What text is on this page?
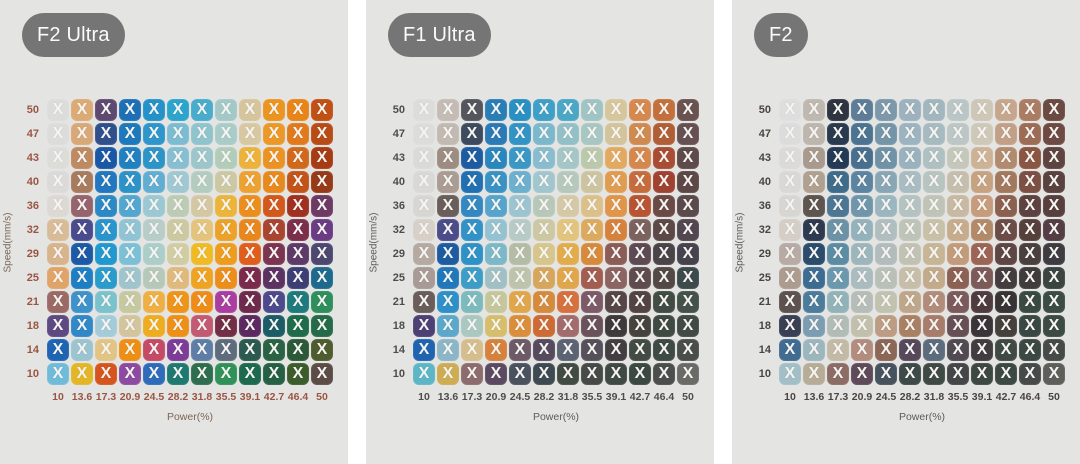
F2 Ultra
Speed(mm/s)
50 X X X X X X X X X X X X
47 X X X X X X X X X X X X
43 X X X X X X X X X X X X
40 X X X X X X X X X X X X
36 X X X X X X X X X X X X
32 X X X X X X X X X X X X
29 X X X X X X X X X X X X
25 X X X X X X X X X X X X
21 X X X X X X X X X X X X
18 X X X X X X X X X X X X
14 X X X X X X X X X X X X
10 X X X X X X X X X X X X
10 13.6 17.3 20.9 24.5 28.2 31.8 35.5 39.1 42.7 46.4 50
Power(%)
F1 Ultra
Speed(mm/s)
50 X X X X X X X X X X X X
47 X X X X X X X X X X X X
43 X X X X X X X X X X X X
40 X X X X X X X X X X X X
36 X X X X X X X X X X X X
32 X X X X X X X X X X X X
29 X X X X X X X X X X X X
25 X X X X X X X X X X X X
21 X X X X X X X X X X X X
18 X X X X X X X X X X X X
14 X X X X X X X X X X X X
10 X X X X X X X X X X X X
10 13.6 17.3 20.9 24.5 28.2 31.8 35.5 39.1 42.7 46.4 50
Power(%)
F2
Speed(mm/s)
50 X X X X X X X X X X X X
47 X X X X X X X X X X X X
43 X X X X X X X X X X X X
40 X X X X X X X X X X X X
36 X X X X X X X X X X X X
32 X X X X X X X X X X X X
29 X X X X X X X X X X X X
25 X X X X X X X X X X X X
21 X X X X X X X X X X X X
18 X X X X X X X X X X X X
14 X X X X X X X X X X X X
10 X X X X X X X X X X X X
10 13.6 17.3 20.9 24.5 28.2 31.8 35.5 39.1 42.7 46.4 50
Power(%)
